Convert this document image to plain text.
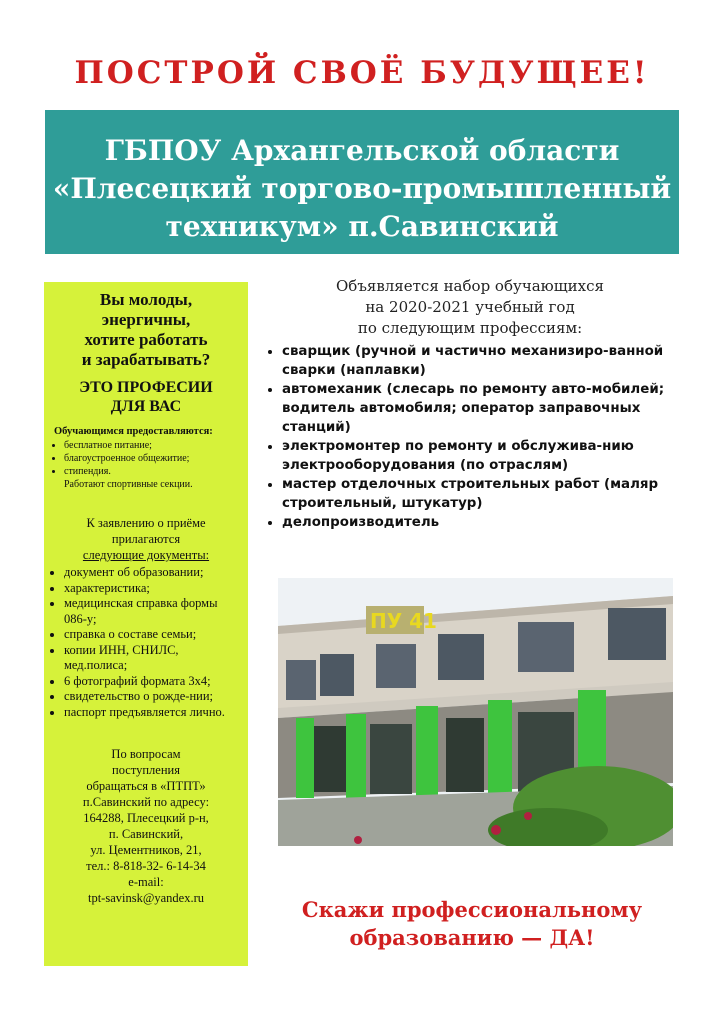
ПОСТРОЙ СВОЁ БУДУЩЕЕ!
ГБПОУ Архангельской области
«Плесецкий торгово-промышленный
техникум» п.Савинский
Вы молоды,
энергичны,
хотите работать
и зарабатывать?
ЭТО ПРОФЕСИИ
ДЛЯ ВАС
Обучающимся предоставляются:
• бесплатное питание;
• благоустроенное общежитие;
• стипендия.
Работают спортивные секции.
К заявлению о приёме
прилагаются
следующие документы:
• документ об образовании;
• характеристика;
• медицинская справка формы 086-у;
• справка о составе семьи;
• копии ИНН, СНИЛС, мед.полиса;
• 6 фотографий формата 3х4;
• свидетельство о рожде-нии;
• паспорт предъявляется лично.
По вопросам
поступления
обращаться в «ПТПТ»
п.Савинский по адресу:
164288, Плесецкий р-н,
п. Савинский,
ул. Цементников, 21,
тел.: 8-818-32- 6-14-34
e-mail:
tpt-savinsk@yandex.ru
Объявляется набор обучающихся
на 2020-2021 учебный год
по следующим профессиям:
• сварщик (ручной и частично механизиро-ванной сварки (наплавки)
• автомеханик (слесарь по ремонту авто-мобилей; водитель автомобиля; оператор заправочных станций)
• электромонтер по ремонту и обслужива-нию электрооборудования (по отраслям)
• мастер отделочных строительных работ (маляр строительный, штукатур)
• делопроизводитель
ПУ 41
Скажи профессиональному
образованию — ДА!
